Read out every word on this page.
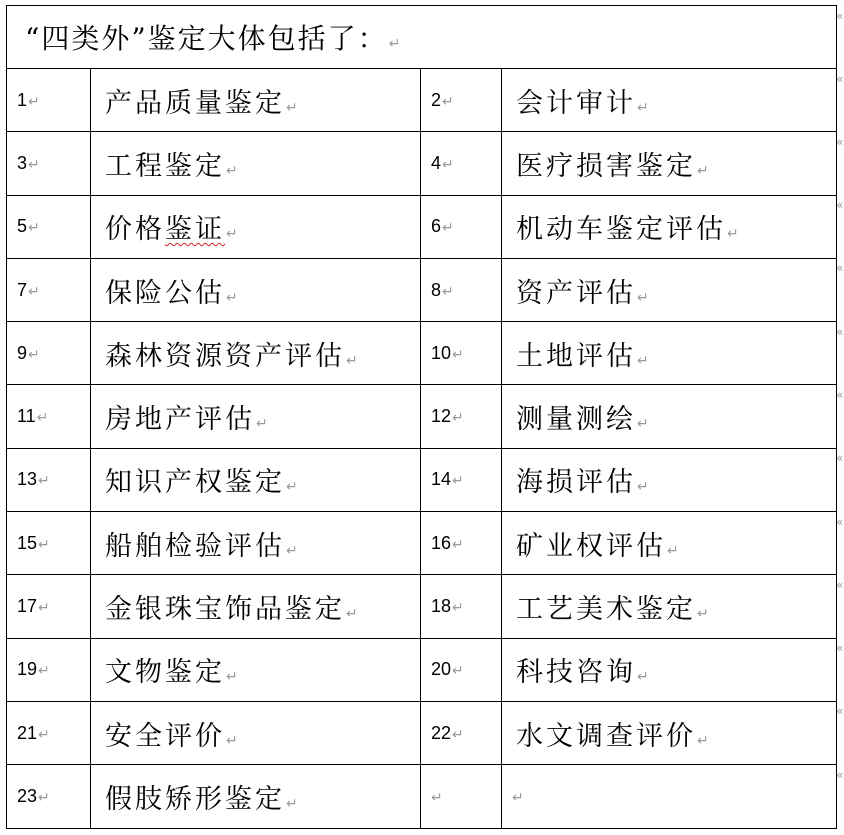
“四类外”鉴定大体包括了：↵			
1↵	产品质量鉴定↵	2↵	会计审计↵
3↵	工程鉴定↵	4↵	医疗损害鉴定↵
5↵	价格鉴证↵	6↵	机动车鉴定评估↵
7↵	保险公估↵	8↵	资产评估↵
9↵	森林资源资产评估↵	10↵	土地评估↵
11↵	房地产评估↵	12↵	测量测绘↵
13↵	知识产权鉴定↵	14↵	海损评估↵
15↵	船舶检验评估↵	16↵	矿业权评估↵
17↵	金银珠宝饰品鉴定↵	18↵	工艺美术鉴定↵
19↵	文物鉴定↵	20↵	科技咨询↵
21↵	安全评价↵	22↵	水文调查评价↵
23↵	假肢矫形鉴定↵	↵	↵
«
«
«
«
«
«
«
«
«
«
«
«
«
